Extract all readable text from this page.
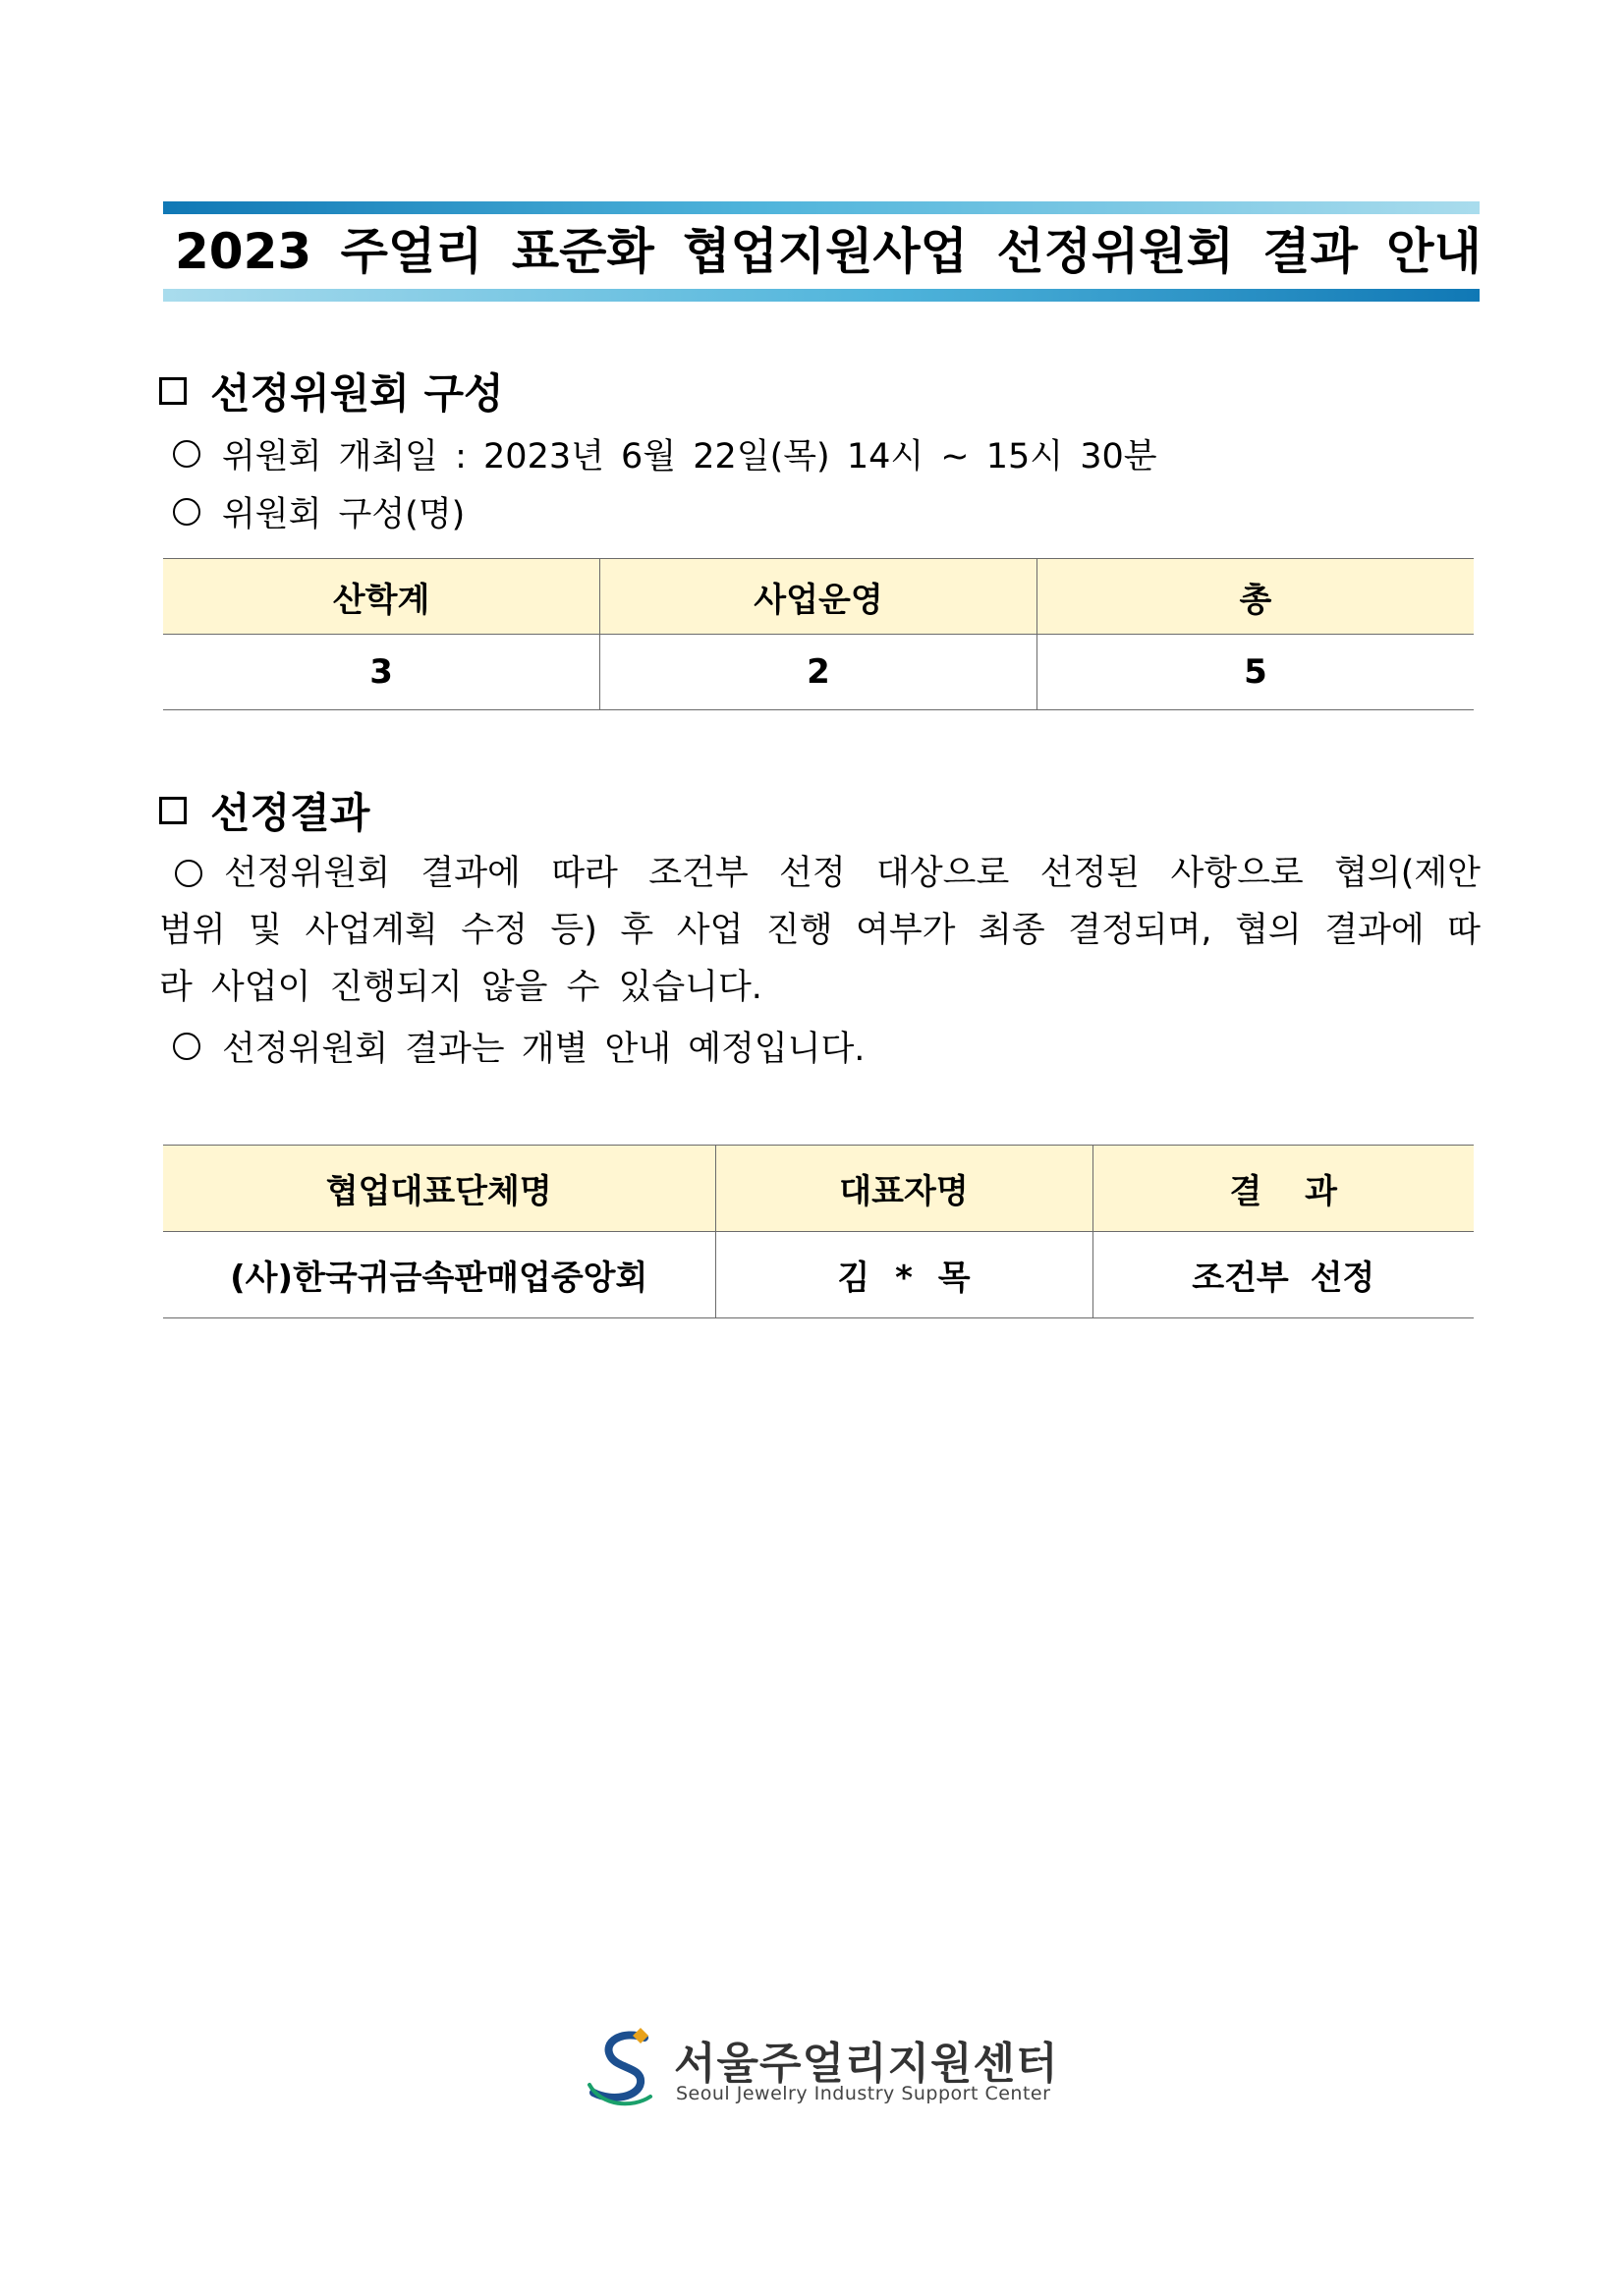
2023 주얼리 표준화 협업지원사업 선정위원회 결과 안내
선정위원회 구성
위원회 개최일 : 2023년 6월 22일(목) 14시 ~ 15시 30분
위원회 구성(명)
산학계	사업운영	총
3	2	5
선정결과
선정위원회 결과에 따라 조건부 선정 대상으로 선정된 사항으로 협의(제안
범위 및 사업계획 수정 등) 후 사업 진행 여부가 최종 결정되며, 협의 결과에 따
라 사업이 진행되지 않을 수 있습니다.
선정위원회 결과는 개별 안내 예정입니다.
협업대표단체명	대표자명	결 과
(사)한국귀금속판매업중앙회	김 * 목	조건부 선정
서울주얼리지원센터
Seoul Jewelry Industry Support Center
